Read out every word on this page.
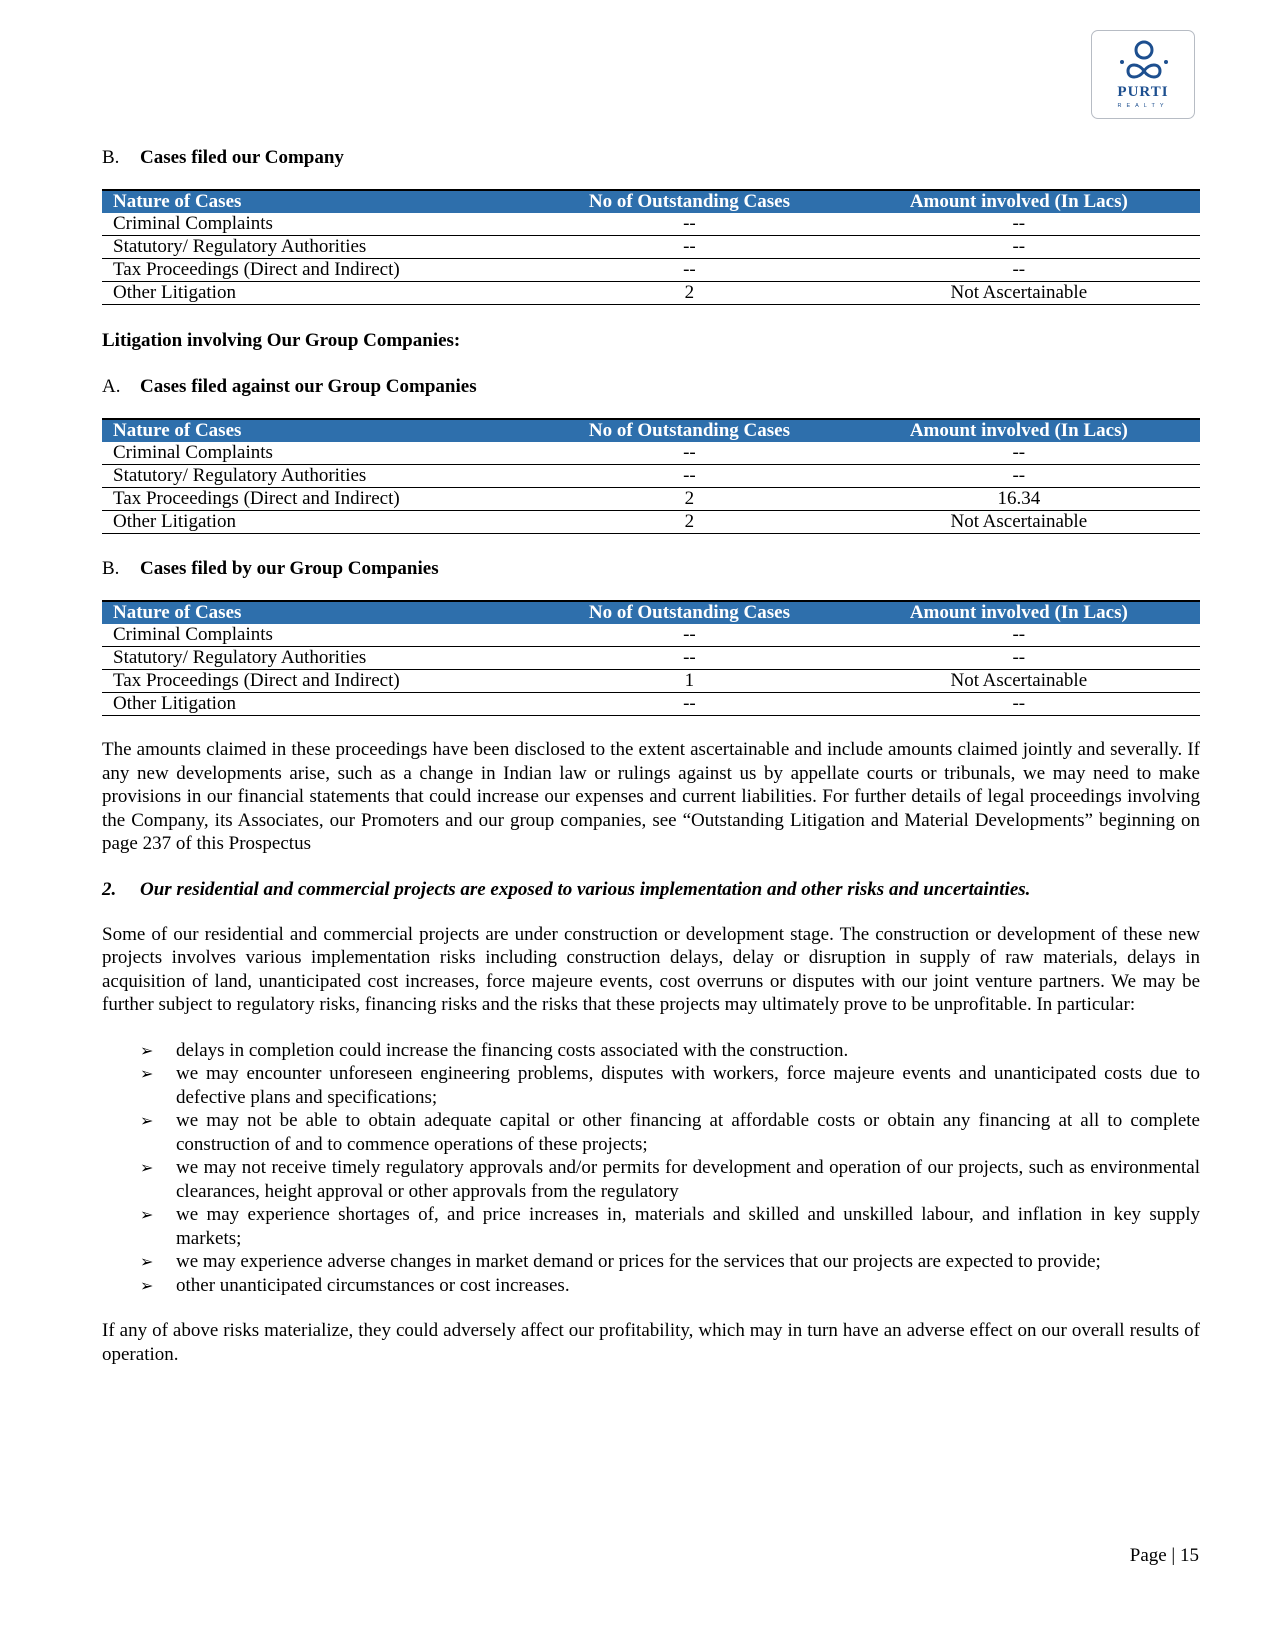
PURTI
REALTY
B. Cases filed our Company
Nature of Cases	No of Outstanding Cases	Amount involved (In Lacs)
Criminal Complaints	--	--
Statutory/ Regulatory Authorities	--	--
Tax Proceedings (Direct and Indirect)	--	--
Other Litigation	2	Not Ascertainable
Litigation involving Our Group Companies:
A. Cases filed against our Group Companies
Nature of Cases	No of Outstanding Cases	Amount involved (In Lacs)
Criminal Complaints	--	--
Statutory/ Regulatory Authorities	--	--
Tax Proceedings (Direct and Indirect)	2	16.34
Other Litigation	2	Not Ascertainable
B. Cases filed by our Group Companies
Nature of Cases	No of Outstanding Cases	Amount involved (In Lacs)
Criminal Complaints	--	--
Statutory/ Regulatory Authorities	--	--
Tax Proceedings (Direct and Indirect)	1	Not Ascertainable
Other Litigation	--	--

The amounts claimed in these proceedings have been disclosed to the extent ascertainable and include amounts claimed jointly and severally. If any new developments arise, such as a change in Indian law or rulings against us by appellate courts or tribunals, we may need to make provisions in our financial statements that could increase our expenses and current liabilities. For further details of legal proceedings involving the Company, its Associates, our Promoters and our group companies, see “Outstanding Litigation and Material Developments” beginning on page 237 of this Prospectus

2. Our residential and commercial projects are exposed to various implementation and other risks and uncertainties.

Some of our residential and commercial projects are under construction or development stage. The construction or development of these new projects involves various implementation risks including construction delays, delay or disruption in supply of raw materials, delays in acquisition of land, unanticipated cost increases, force majeure events, cost overruns or disputes with our joint venture partners. We may be further subject to regulatory risks, financing risks and the risks that these projects may ultimately prove to be unprofitable. In particular:

➢ delays in completion could increase the financing costs associated with the construction.
➢ we may encounter unforeseen engineering problems, disputes with workers, force majeure events and unanticipated costs due to defective plans and specifications;
➢ we may not be able to obtain adequate capital or other financing at affordable costs or obtain any financing at all to complete construction of and to commence operations of these projects;
➢ we may not receive timely regulatory approvals and/or permits for development and operation of our projects, such as environmental clearances, height approval or other approvals from the regulatory
➢ we may experience shortages of, and price increases in, materials and skilled and unskilled labour, and inflation in key supply markets;
➢ we may experience adverse changes in market demand or prices for the services that our projects are expected to provide;
➢ other unanticipated circumstances or cost increases.

If any of above risks materialize, they could adversely affect our profitability, which may in turn have an adverse effect on our overall results of operation.

Page | 15
